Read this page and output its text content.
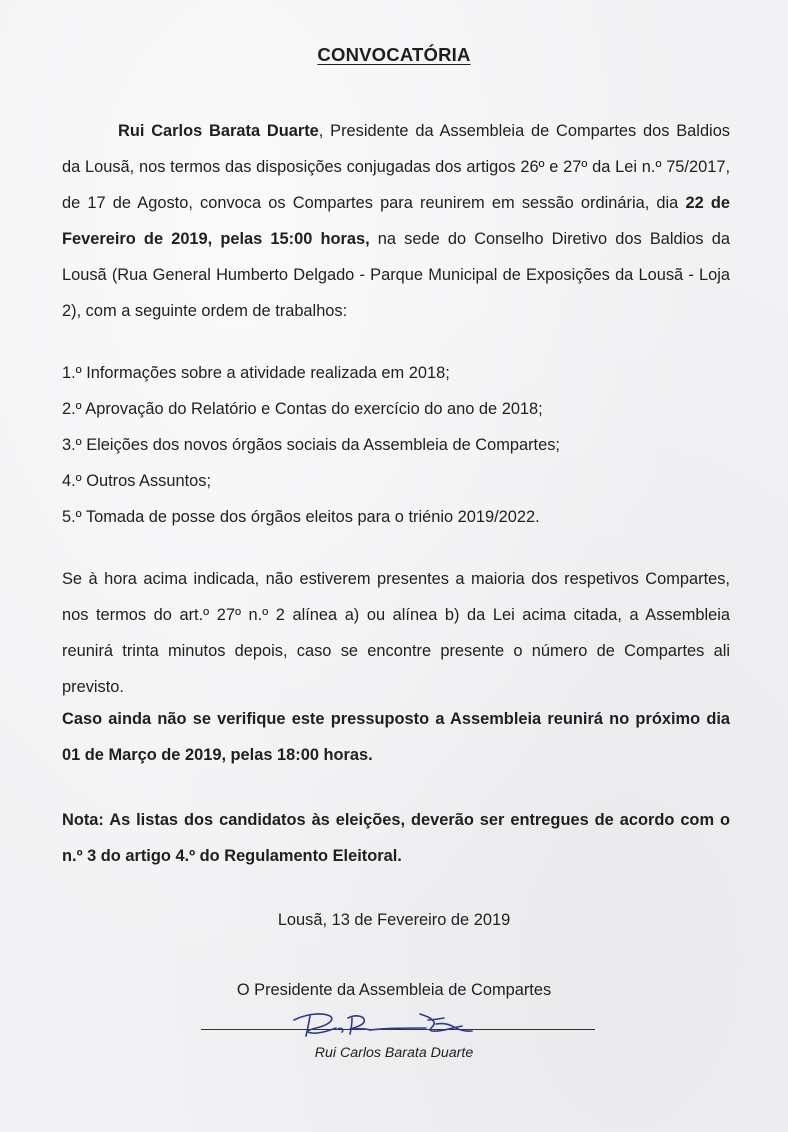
CONVOCATÓRIA
Rui Carlos Barata Duarte, Presidente da Assembleia de Compartes dos Baldios da Lousã, nos termos das disposições conjugadas dos artigos 26º e 27º da Lei n.º 75/2017, de 17 de Agosto, convoca os Compartes para reunirem em sessão ordinária, dia 22 de Fevereiro de 2019, pelas 15:00 horas, na sede do Conselho Diretivo dos Baldios da Lousã (Rua General Humberto Delgado - Parque Municipal de Exposições da Lousã - Loja 2), com a seguinte ordem de trabalhos:
1.º Informações sobre a atividade realizada em 2018;
2.º Aprovação do Relatório e Contas do exercício do ano de 2018;
3.º Eleições dos novos órgãos sociais da Assembleia de Compartes;
4.º Outros Assuntos;
5.º Tomada de posse dos órgãos eleitos para o triénio 2019/2022.
Se à hora acima indicada, não estiverem presentes a maioria dos respetivos Compartes, nos termos do art.º 27º n.º 2 alínea a) ou alínea b) da Lei acima citada, a Assembleia reunirá trinta minutos depois, caso se encontre presente o número de Compartes ali previsto.
Caso ainda não se verifique este pressuposto a Assembleia reunirá no próximo dia 01 de Março de 2019, pelas 18:00 horas.
Nota: As listas dos candidatos às eleições, deverão ser entregues de acordo com o n.º 3 do artigo 4.º do Regulamento Eleitoral.
Lousã, 13 de Fevereiro de 2019
O Presidente da Assembleia de Compartes
Rui Carlos Barata Duarte
